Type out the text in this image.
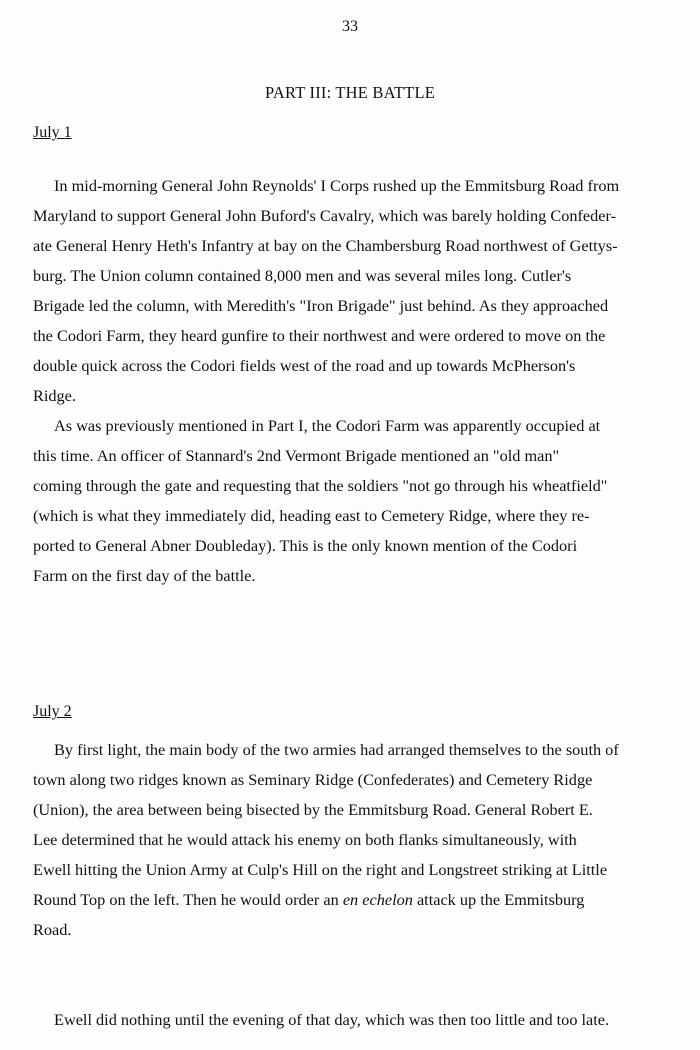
33
PART III: THE BATTLE
July 1
In mid-morning General John Reynolds' I Corps rushed up the Emmitsburg Road from
Maryland to support General John Buford's Cavalry, which was barely holding Confeder-
ate General Henry Heth's Infantry at bay on the Chambersburg Road northwest of Gettys-
burg. The Union column contained 8,000 men and was several miles long. Cutler's
Brigade led the column, with Meredith's "Iron Brigade" just behind. As they approached
the Codori Farm, they heard gunfire to their northwest and were ordered to move on the
double quick across the Codori fields west of the road and up towards McPherson's
Ridge.
As was previously mentioned in Part I, the Codori Farm was apparently occupied at
this time. An officer of Stannard's 2nd Vermont Brigade mentioned an "old man"
coming through the gate and requesting that the soldiers "not go through his wheatfield"
(which is what they immediately did, heading east to Cemetery Ridge, where they re-
ported to General Abner Doubleday). This is the only known mention of the Codori
Farm on the first day of the battle.
July 2
By first light, the main body of the two armies had arranged themselves to the south of
town along two ridges known as Seminary Ridge (Confederates) and Cemetery Ridge
(Union), the area between being bisected by the Emmitsburg Road. General Robert E.
Lee determined that he would attack his enemy on both flanks simultaneously, with
Ewell hitting the Union Army at Culp's Hill on the right and Longstreet striking at Little
Round Top on the left. Then he would order an en echelon attack up the Emmitsburg
Road.
Ewell did nothing until the evening of that day, which was then too little and too late.
